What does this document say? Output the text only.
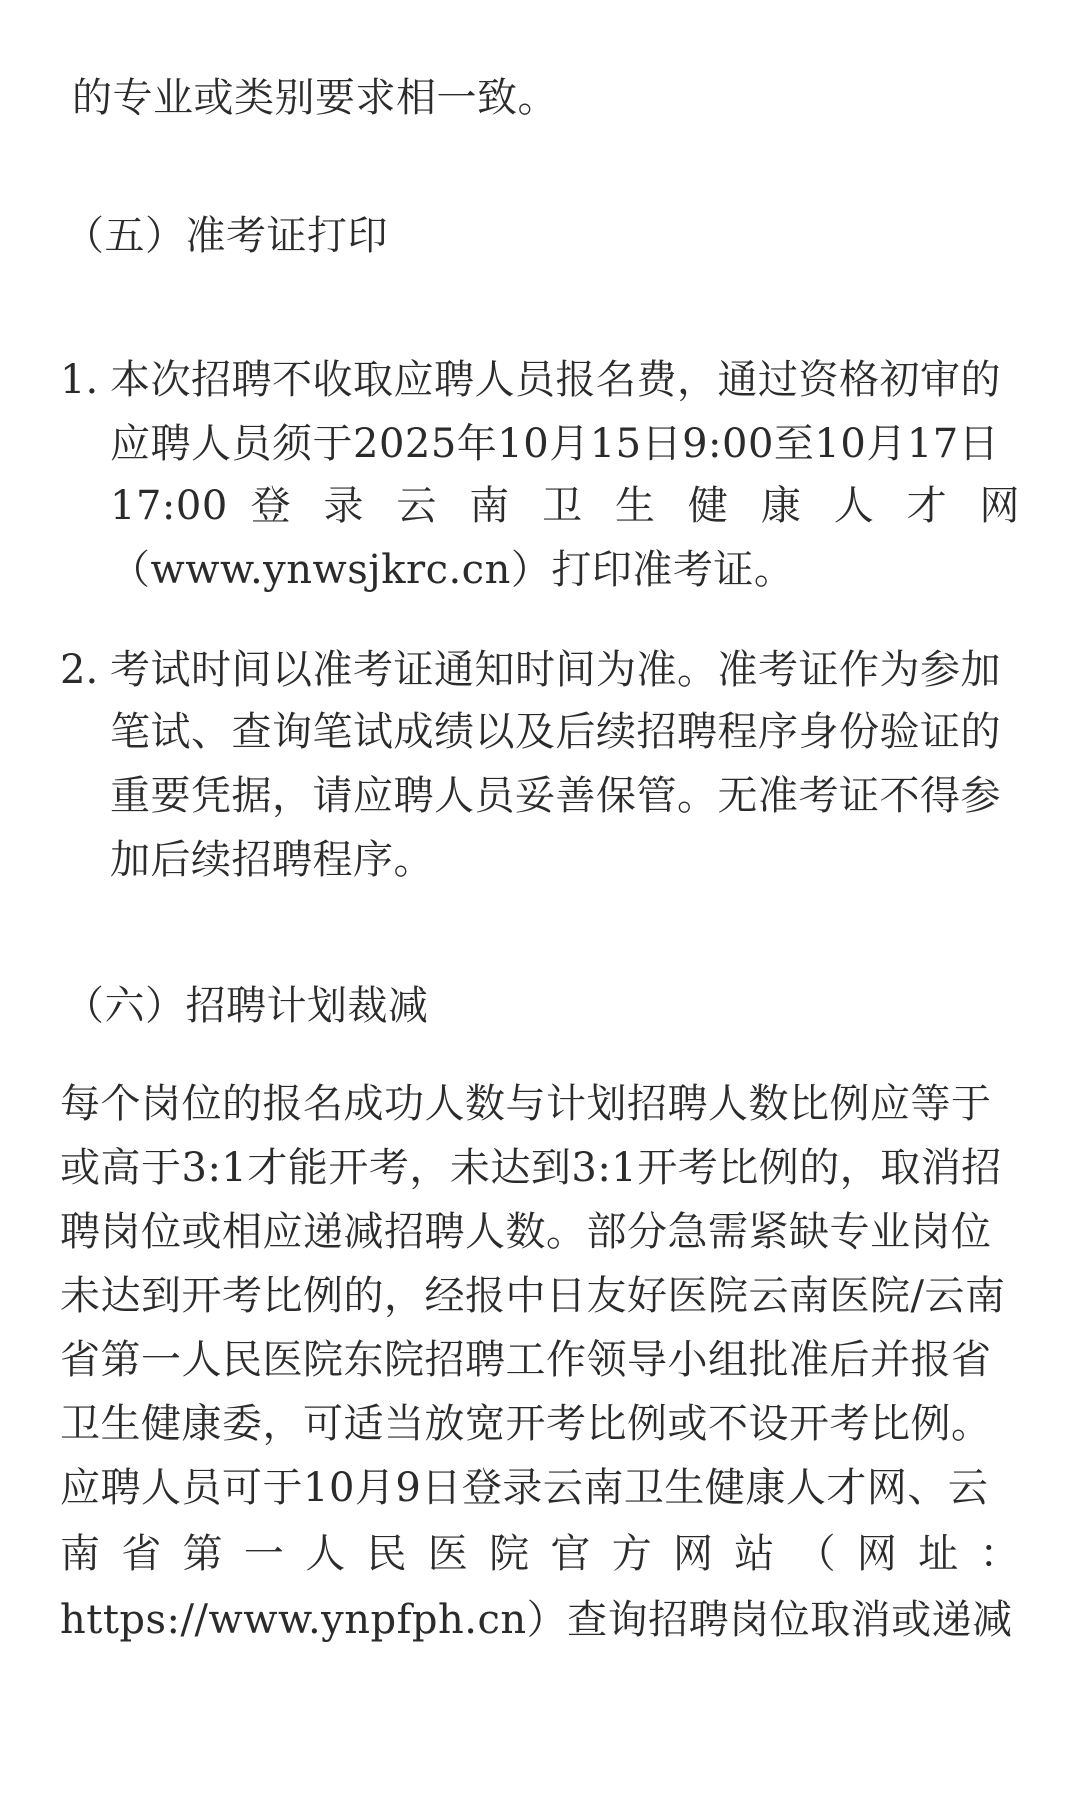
的专业或类别要求相一致。
（五）准考证打印
1. 本次招聘不收取应聘人员报名费，通过资格初审的
应聘人员须于2025年10月15日9:00至10月17日
17:00 登 录 云 南 卫 生 健 康 人 才 网
（www.ynwsjkrc.cn）打印准考证。
2. 考试时间以准考证通知时间为准。准考证作为参加
笔试、查询笔试成绩以及后续招聘程序身份验证的
重要凭据，请应聘人员妥善保管。无准考证不得参
加后续招聘程序。
（六）招聘计划裁减
每个岗位的报名成功人数与计划招聘人数比例应等于
或高于3:1才能开考，未达到3:1开考比例的，取消招
聘岗位或相应递减招聘人数。部分急需紧缺专业岗位
未达到开考比例的，经报中日友好医院云南医院/云南
省第一人民医院东院招聘工作领导小组批准后并报省
卫生健康委，可适当放宽开考比例或不设开考比例。
应聘人员可于10月9日登录云南卫生健康人才网、云
南 省 第 一 人 民 医 院 官 方 网 站 （ 网 址 ：
https://www.ynpfph.cn）查询招聘岗位取消或递减
